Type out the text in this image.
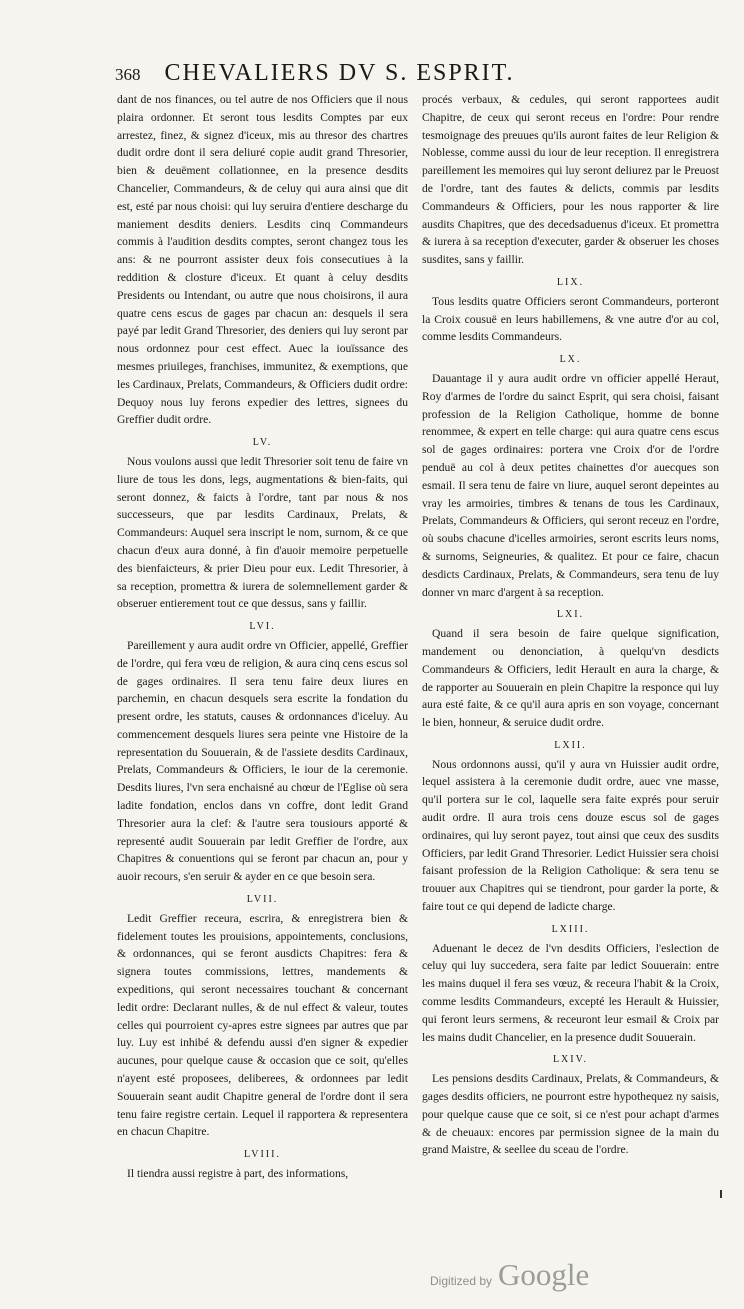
368 CHEVALIERS DV S. ESPRIT.

dant de nos finances, ou tel autre de nos Officiers que il nous plaira ordonner. Et seront tous lesdits Comptes par eux arrestez, finez, & signez d'iceux, mis au thresor des chartres dudit ordre dont il sera deliuré copie audit grand Thresorier, bien & deuëment collationnee, en la presence desdits Chancelier, Commandeurs, & de celuy qui aura ainsi que dit est, esté par nous choisi: qui luy seruira d'entiere descharge du maniement desdits deniers. Lesdits cinq Commandeurs commis à l'audition desdits comptes, seront changez tous les ans: & ne pourront assister deux fois consecutiues à la reddition & closture d'iceux. Et quant à celuy desdits Presidents ou Intendant, ou autre que nous choisirons, il aura quatre cens escus de gages par chacun an: desquels il sera payé par ledit Grand Thresorier, des deniers qui luy seront par nous ordonnez pour cest effect. Auec la iouïssance des mesmes priuileges, franchises, immunitez, & exemptions, que les Cardinaux, Prelats, Commandeurs, & Officiers dudit ordre: Dequoy nous luy ferons expedier des lettres, signees du Greffier dudit ordre.

LV.

Nous voulons aussi que ledit Thresorier soit tenu de faire vn liure de tous les dons, legs, augmentations & bien-faits, qui seront donnez, & faicts à l'ordre, tant par nous & nos successeurs, que par lesdits Cardinaux, Prelats, & Commandeurs: Auquel sera inscript le nom, surnom, & ce que chacun d'eux aura donné, à fin d'auoir memoire perpetuelle des bienfaicteurs, & prier Dieu pour eux. Ledit Thresorier, à sa reception, promettra & iurera de solemnellement garder & obseruer entierement tout ce que dessus, sans y faillir.

LVI.

Pareillement y aura audit ordre vn Officier, appellé, Greffier de l'ordre, qui fera vœu de religion, & aura cinq cens escus sol de gages ordinaires. Il sera tenu faire deux liures en parchemin, en chacun desquels sera escrite la fondation du present ordre, les statuts, causes & ordonnances d'iceluy. Au commencement desquels liures sera peinte vne Histoire de la representation du Souuerain, & de l'assiete desdits Cardinaux, Prelats, Commandeurs & Officiers, le iour de la ceremonie. Desdits liures, l'vn sera enchaisné au chœur de l'Eglise où sera ladite fondation, enclos dans vn coffre, dont ledit Grand Thresorier aura la clef: & l'autre sera tousiours apporté & representé audit Souuerain par ledit Greffier de l'ordre, aux Chapitres & conuentions qui se feront par chacun an, pour y auoir recours, s'en seruir & ayder en ce que besoin sera.

LVII.

Ledit Greffier receura, escrira, & enregistrera bien & fidelement toutes les prouisions, appointements, conclusions, & ordonnances, qui se feront ausdicts Chapitres: fera & signera toutes commissions, lettres, mandements & expeditions, qui seront necessaires touchant & concernant ledit ordre: Declarant nulles, & de nul effect & valeur, toutes celles qui pourroient cy-apres estre signees par autres que par luy. Luy est inhibé & defendu aussi d'en signer & expedier aucunes, pour quelque cause & occasion que ce soit, qu'elles n'ayent esté proposees, deliberees, & ordonnees par ledit Souuerain seant audit Chapitre general de l'ordre dont il sera tenu faire registre certain. Lequel il rapportera & representera en chacun Chapitre.

LVIII.

Il tiendra aussi registre à part, des informations,

procés verbaux, & cedules, qui seront rapportees audit Chapitre, de ceux qui seront receus en l'ordre: Pour rendre tesmoignage des preuues qu'ils auront faites de leur Religion & Noblesse, comme aussi du iour de leur reception. Il enregistrera pareillement les memoires qui luy seront deliurez par le Preuost de l'ordre, tant des fautes & delicts, commis par lesdits Commandeurs & Officiers, pour les nous rapporter & lire ausdits Chapitres, que des decedsaduenus d'iceux. Et promettra & iurera à sa reception d'executer, garder & obseruer les choses susdites, sans y faillir.

LIX.

Tous lesdits quatre Officiers seront Commandeurs, porteront la Croix cousuë en leurs habillemens, & vne autre d'or au col, comme lesdits Commandeurs.

LX.

Dauantage il y aura audit ordre vn officier appellé Heraut, Roy d'armes de l'ordre du sainct Esprit, qui sera choisi, faisant profession de la Religion Catholique, homme de bonne renommee, & expert en telle charge: qui aura quatre cens escus sol de gages ordinaires: portera vne Croix d'or de l'ordre penduë au col à deux petites chainettes d'or auecques son esmail. Il sera tenu de faire vn liure, auquel seront depeintes au vray les armoiries, timbres & tenans de tous les Cardinaux, Prelats, Commandeurs & Officiers, qui seront receuz en l'ordre, où soubs chacune d'icelles armoiries, seront escrits leurs noms, & surnoms, Seigneuries, & qualitez. Et pour ce faire, chacun desdicts Cardinaux, Prelats, & Commandeurs, sera tenu de luy donner vn marc d'argent à sa reception.

LXI.

Quand il sera besoin de faire quelque signification, mandement ou denonciation, à quelqu'vn desdicts Commandeurs & Officiers, ledit Herault en aura la charge, & de rapporter au Souuerain en plein Chapitre la responce qui luy aura esté faite, & ce qu'il aura apris en son voyage, concernant le bien, honneur, & seruice dudit ordre.

LXII.

Nous ordonnons aussi, qu'il y aura vn Huissier audit ordre, lequel assistera à la ceremonie dudit ordre, auec vne masse, qu'il portera sur le col, laquelle sera faite exprés pour seruir audit ordre. Il aura trois cens douze escus sol de gages ordinaires, qui luy seront payez, tout ainsi que ceux des susdits Officiers, par ledit Grand Thresorier. Ledict Huissier sera choisi faisant profession de la Religion Catholique: & sera tenu se trouuer aux Chapitres qui se tiendront, pour garder la porte, & faire tout ce qui depend de ladicte charge.

LXIII.

Aduenant le decez de l'vn desdits Officiers, l'eslection de celuy qui luy succedera, sera faite par ledict Souuerain: entre les mains duquel il fera ses vœuz, & receura l'habit & la Croix, comme lesdits Commandeurs, excepté les Herault & Huissier, qui feront leurs sermens, & receuront leur esmail & Croix par les mains dudit Chancelier, en la presence dudit Souuerain.

LXIV.

Les pensions desdits Cardinaux, Prelats, & Commandeurs, & gages desdits officiers, ne pourront estre hypothequez ny saisis, pour quelque cause que ce soit, si ce n'est pour achapt d'armes & de cheuaux: encores par permission signee de la main du grand Maistre, & seellee du sceau de l'ordre.

Digitized by Google
